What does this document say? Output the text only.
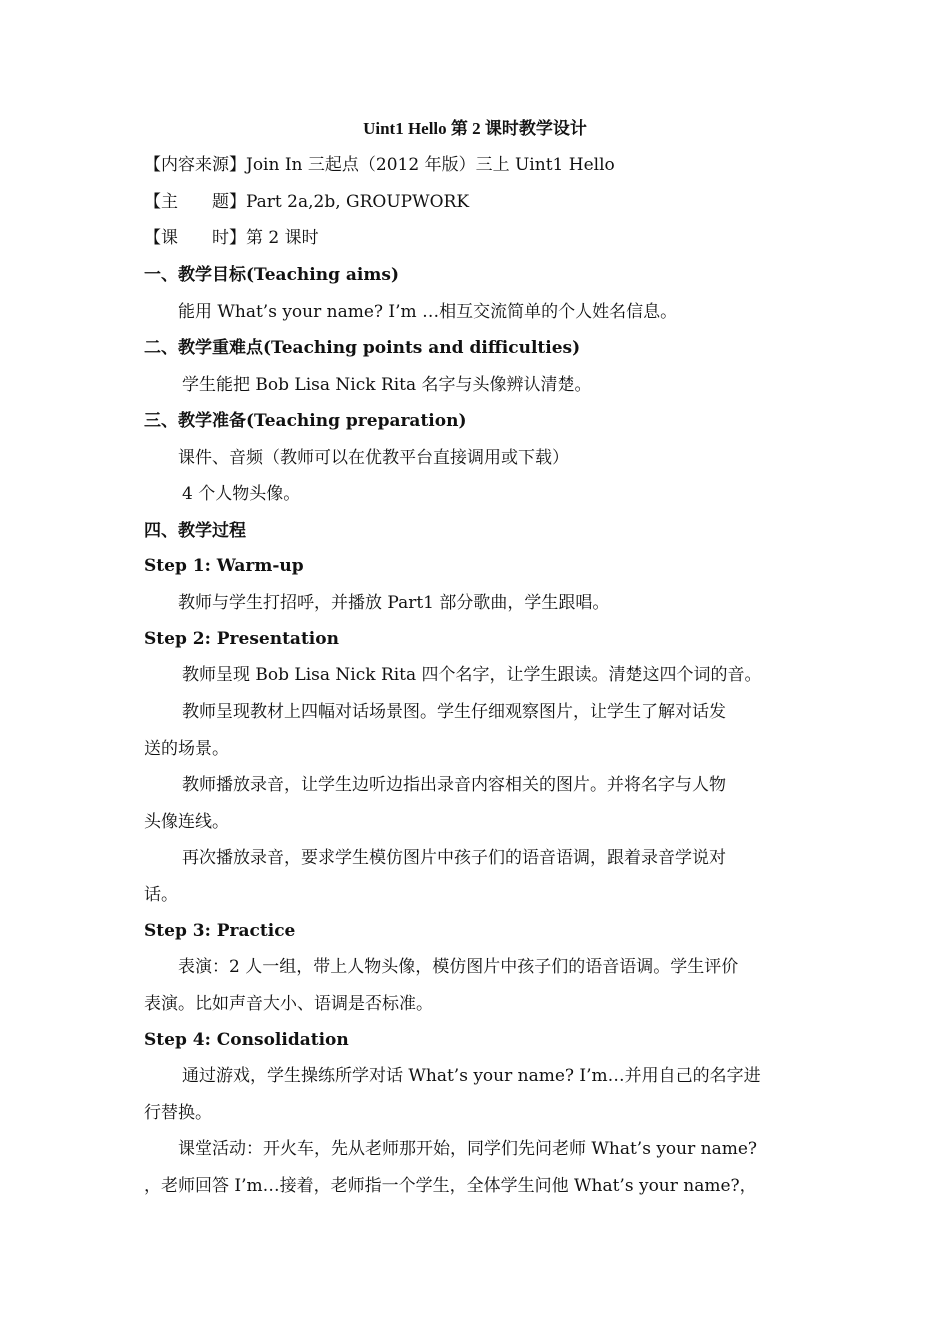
Uint1 Hello 第 2 课时教学设计
【内容来源】Join In 三起点（2012 年版）三上 Uint1 Hello
【主　　题】Part 2a,2b, GROUPWORK
【课　　时】第 2 课时
一、教学目标(Teaching aims)
能用 What’s your name? I’m …相互交流简单的个人姓名信息。
二、教学重难点(Teaching points and difficulties)
学生能把 Bob Lisa Nick Rita 名字与头像辨认清楚。
三、教学准备(Teaching preparation)
课件、音频（教师可以在优教平台直接调用或下载）
4 个人物头像。
四、教学过程
Step 1: Warm-up
教师与学生打招呼，并播放 Part1 部分歌曲，学生跟唱。
Step 2: Presentation
教师呈现 Bob Lisa Nick Rita 四个名字，让学生跟读。清楚这四个词的音。
教师呈现教材上四幅对话场景图。学生仔细观察图片，让学生了解对话发
送的场景。
教师播放录音，让学生边听边指出录音内容相关的图片。并将名字与人物
头像连线。
再次播放录音，要求学生模仿图片中孩子们的语音语调，跟着录音学说对
话。
Step 3: Practice
表演：2 人一组，带上人物头像，模仿图片中孩子们的语音语调。学生评价
表演。比如声音大小、语调是否标准。
Step 4: Consolidation
通过游戏，学生操练所学对话 What’s your name? I’m…并用自己的名字进
行替换。
课堂活动：开火车，先从老师那开始，同学们先问老师 What’s your name?
，老师回答 I’m…接着，老师指一个学生，全体学生问他 What’s your name?，
